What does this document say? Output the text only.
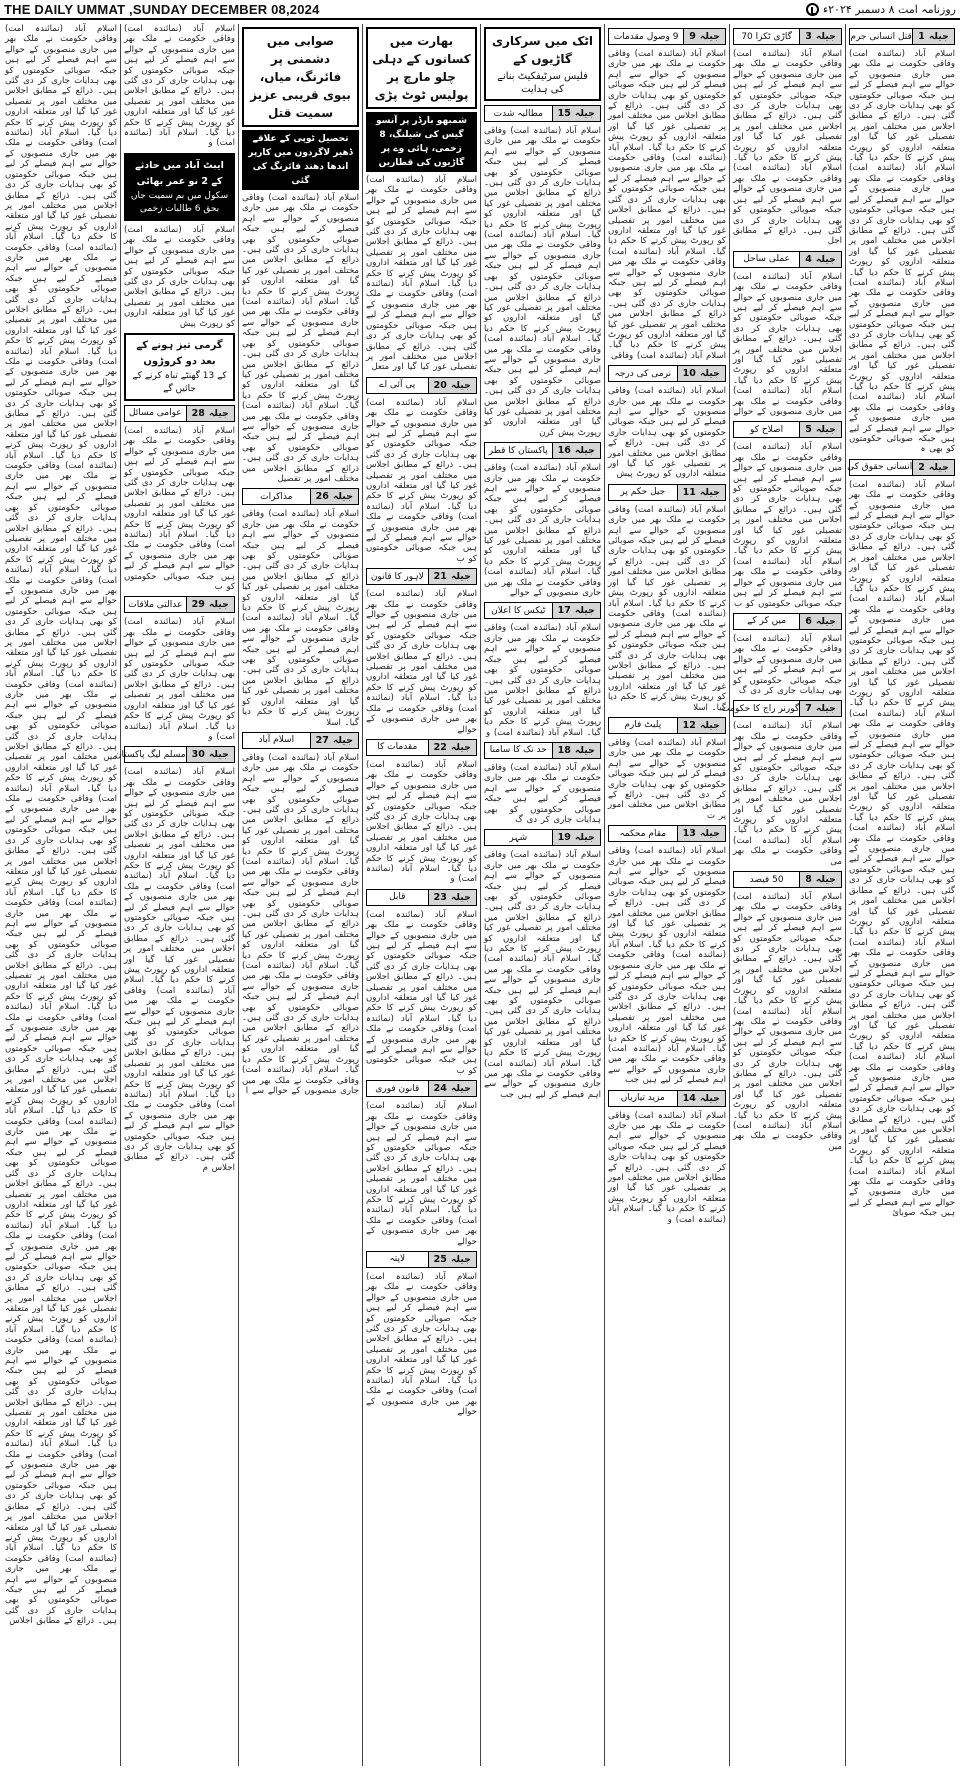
THE DAILY UMMAT ,SUNDAY DECEMBER 08,2024	روزنامہ امت ۸ دسمبر ۲۰۲۴ء
جیلہ
1
قتل انسانی جرم
اسلام آباد (نمائندہ امت) وفاقی حکومت نے ملک بھر میں جاری منصوبوں کے حوالے سے اہم فیصلے کر لیے ہیں جبکہ صوبائی حکومتوں کو بھی ہدایات جاری کر دی گئی ہیں۔ ذرائع کے مطابق اجلاس میں مختلف امور پر تفصیلی غور کیا گیا اور متعلقہ اداروں کو رپورٹ پیش کرنے کا حکم دیا گیا۔ اسلام آباد (نمائندہ امت) وفاقی حکومت نے ملک بھر میں جاری منصوبوں کے حوالے سے اہم فیصلے کر لیے ہیں جبکہ صوبائی حکومتوں کو بھی ہدایات جاری کر دی گئی ہیں۔ ذرائع کے مطابق اجلاس میں مختلف امور پر تفصیلی غور کیا گیا اور متعلقہ اداروں کو رپورٹ پیش کرنے کا حکم دیا گیا۔ اسلام آباد (نمائندہ امت) وفاقی حکومت نے ملک بھر میں جاری منصوبوں کے حوالے سے اہم فیصلے کر لیے ہیں جبکہ صوبائی حکومتوں کو بھی ہدایات جاری کر دی گئی ہیں۔ ذرائع کے مطابق اجلاس میں مختلف امور پر تفصیلی غور کیا گیا اور متعلقہ اداروں کو رپورٹ پیش کرنے کا حکم دیا گیا۔ اسلام آباد (نمائندہ امت) وفاقی حکومت نے ملک بھر میں جاری منصوبوں کے حوالے سے اہم فیصلے کر لیے ہیں جبکہ صوبائی حکومتوں کو بھی ہ
جیلہ
2
انسانی حقوق کی
اسلام آباد (نمائندہ امت) وفاقی حکومت نے ملک بھر میں جاری منصوبوں کے حوالے سے اہم فیصلے کر لیے ہیں جبکہ صوبائی حکومتوں کو بھی ہدایات جاری کر دی گئی ہیں۔ ذرائع کے مطابق اجلاس میں مختلف امور پر تفصیلی غور کیا گیا اور متعلقہ اداروں کو رپورٹ پیش کرنے کا حکم دیا گیا۔ اسلام آباد (نمائندہ امت) وفاقی حکومت نے ملک بھر میں جاری منصوبوں کے حوالے سے اہم فیصلے کر لیے ہیں جبکہ صوبائی حکومتوں کو بھی ہدایات جاری کر دی گئی ہیں۔ ذرائع کے مطابق اجلاس میں مختلف امور پر تفصیلی غور کیا گیا اور متعلقہ اداروں کو رپورٹ پیش کرنے کا حکم دیا گیا۔ اسلام آباد (نمائندہ امت) وفاقی حکومت نے ملک بھر میں جاری منصوبوں کے حوالے سے اہم فیصلے کر لیے ہیں جبکہ صوبائی حکومتوں کو بھی ہدایات جاری کر دی گئی ہیں۔ ذرائع کے مطابق اجلاس میں مختلف امور پر تفصیلی غور کیا گیا اور متعلقہ اداروں کو رپورٹ پیش کرنے کا حکم دیا گیا۔ اسلام آباد (نمائندہ امت) وفاقی حکومت نے ملک بھر میں جاری منصوبوں کے حوالے سے اہم فیصلے کر لیے ہیں جبکہ صوبائی حکومتوں کو بھی ہدایات جاری کر دی گئی ہیں۔ ذرائع کے مطابق اجلاس میں مختلف امور پر تفصیلی غور کیا گیا اور متعلقہ اداروں کو رپورٹ پیش کرنے کا حکم دیا گیا۔ اسلام آباد (نمائندہ امت) وفاقی حکومت نے ملک بھر میں جاری منصوبوں کے حوالے سے اہم فیصلے کر لیے ہیں جبکہ صوبائی حکومتوں کو بھی ہدایات جاری کر دی گئی ہیں۔ ذرائع کے مطابق اجلاس میں مختلف امور پر تفصیلی غور کیا گیا اور متعلقہ اداروں کو رپورٹ پیش کرنے کا حکم دیا گیا۔ اسلام آباد (نمائندہ امت) وفاقی حکومت نے ملک بھر میں جاری منصوبوں کے حوالے سے اہم فیصلے کر لیے ہیں جبکہ صوبائی حکومتوں کو بھی ہدایات جاری کر دی گئی ہیں۔ ذرائع کے مطابق اجلاس میں مختلف امور پر تفصیلی غور کیا گیا اور متعلقہ اداروں کو رپورٹ پیش کرنے کا حکم دیا گیا۔ اسلام آباد (نمائندہ امت) وفاقی حکومت نے ملک بھر میں جاری منصوبوں کے حوالے سے اہم فیصلے کر لیے ہیں جبکہ صوبائ
جیلہ
3
گاڑی ٹکرا 70
اسلام آباد (نمائندہ امت) وفاقی حکومت نے ملک بھر میں جاری منصوبوں کے حوالے سے اہم فیصلے کر لیے ہیں جبکہ صوبائی حکومتوں کو بھی ہدایات جاری کر دی گئی ہیں۔ ذرائع کے مطابق اجلاس میں مختلف امور پر تفصیلی غور کیا گیا اور متعلقہ اداروں کو رپورٹ پیش کرنے کا حکم دیا گیا۔ اسلام آباد (نمائندہ امت) وفاقی حکومت نے ملک بھر میں جاری منصوبوں کے حوالے سے اہم فیصلے کر لیے ہیں جبکہ صوبائی حکومتوں کو بھی ہدایات جاری کر دی گئی ہیں۔ ذرائع کے مطابق اجل
جیلہ
4
عملی ساحل
اسلام آباد (نمائندہ امت) وفاقی حکومت نے ملک بھر میں جاری منصوبوں کے حوالے سے اہم فیصلے کر لیے ہیں جبکہ صوبائی حکومتوں کو بھی ہدایات جاری کر دی گئی ہیں۔ ذرائع کے مطابق اجلاس میں مختلف امور پر تفصیلی غور کیا گیا اور متعلقہ اداروں کو رپورٹ پیش کرنے کا حکم دیا گیا۔ اسلام آباد (نمائندہ امت) وفاقی حکومت نے ملک بھر میں جاری منصوبوں کے حوالے
جیلہ
5
اصلاح کو
اسلام آباد (نمائندہ امت) وفاقی حکومت نے ملک بھر میں جاری منصوبوں کے حوالے سے اہم فیصلے کر لیے ہیں جبکہ صوبائی حکومتوں کو بھی ہدایات جاری کر دی گئی ہیں۔ ذرائع کے مطابق اجلاس میں مختلف امور پر تفصیلی غور کیا گیا اور متعلقہ اداروں کو رپورٹ پیش کرنے کا حکم دیا گیا۔ اسلام آباد (نمائندہ امت) وفاقی حکومت نے ملک بھر میں جاری منصوبوں کے حوالے سے اہم فیصلے کر لیے ہیں جبکہ صوبائی حکومتوں کو ب
جیلہ
6
میں کر کے
اسلام آباد (نمائندہ امت) وفاقی حکومت نے ملک بھر میں جاری منصوبوں کے حوالے سے اہم فیصلے کر لیے ہیں جبکہ صوبائی حکومتوں کو بھی ہدایات جاری کر دی گ
جیلہ
7
گورنر راج کا حکومت
اسلام آباد (نمائندہ امت) وفاقی حکومت نے ملک بھر میں جاری منصوبوں کے حوالے سے اہم فیصلے کر لیے ہیں جبکہ صوبائی حکومتوں کو بھی ہدایات جاری کر دی گئی ہیں۔ ذرائع کے مطابق اجلاس میں مختلف امور پر تفصیلی غور کیا گیا اور متعلقہ اداروں کو رپورٹ پیش کرنے کا حکم دیا گیا۔ اسلام آباد (نمائندہ امت) وفاقی حکومت نے ملک بھر می
جیلہ
8
50 فیصد
اسلام آباد (نمائندہ امت) وفاقی حکومت نے ملک بھر میں جاری منصوبوں کے حوالے سے اہم فیصلے کر لیے ہیں جبکہ صوبائی حکومتوں کو بھی ہدایات جاری کر دی گئی ہیں۔ ذرائع کے مطابق اجلاس میں مختلف امور پر تفصیلی غور کیا گیا اور متعلقہ اداروں کو رپورٹ پیش کرنے کا حکم دیا گیا۔ اسلام آباد (نمائندہ امت) وفاقی حکومت نے ملک بھر میں جاری منصوبوں کے حوالے سے اہم فیصلے کر لیے ہیں جبکہ صوبائی حکومتوں کو بھی ہدایات جاری کر دی گئی ہیں۔ ذرائع کے مطابق اجلاس میں مختلف امور پر تفصیلی غور کیا گیا اور متعلقہ اداروں کو رپورٹ پیش کرنے کا حکم دیا گیا۔ اسلام آباد (نمائندہ امت) وفاقی حکومت نے ملک بھر میں
جیلہ
9
9 وصول مقدمات
اسلام آباد (نمائندہ امت) وفاقی حکومت نے ملک بھر میں جاری منصوبوں کے حوالے سے اہم فیصلے کر لیے ہیں جبکہ صوبائی حکومتوں کو بھی ہدایات جاری کر دی گئی ہیں۔ ذرائع کے مطابق اجلاس میں مختلف امور پر تفصیلی غور کیا گیا اور متعلقہ اداروں کو رپورٹ پیش کرنے کا حکم دیا گیا۔ اسلام آباد (نمائندہ امت) وفاقی حکومت نے ملک بھر میں جاری منصوبوں کے حوالے سے اہم فیصلے کر لیے ہیں جبکہ صوبائی حکومتوں کو بھی ہدایات جاری کر دی گئی ہیں۔ ذرائع کے مطابق اجلاس میں مختلف امور پر تفصیلی غور کیا گیا اور متعلقہ اداروں کو رپورٹ پیش کرنے کا حکم دیا گیا۔ اسلام آباد (نمائندہ امت) وفاقی حکومت نے ملک بھر میں جاری منصوبوں کے حوالے سے اہم فیصلے کر لیے ہیں جبکہ صوبائی حکومتوں کو بھی ہدایات جاری کر دی گئی ہیں۔ ذرائع کے مطابق اجلاس میں مختلف امور پر تفصیلی غور کیا گیا اور متعلقہ اداروں کو رپورٹ پیش کرنے کا حکم دیا گیا۔ اسلام آباد (نمائندہ امت) وفاقی
جیلہ
10
نرمی کی درجہ
اسلام آباد (نمائندہ امت) وفاقی حکومت نے ملک بھر میں جاری منصوبوں کے حوالے سے اہم فیصلے کر لیے ہیں جبکہ صوبائی حکومتوں کو بھی ہدایات جاری کر دی گئی ہیں۔ ذرائع کے مطابق اجلاس میں مختلف امور پر تفصیلی غور کیا گیا اور متعلقہ اداروں کو رپورٹ پیش
جیلہ
11
جیل حکم پر
اسلام آباد (نمائندہ امت) وفاقی حکومت نے ملک بھر میں جاری منصوبوں کے حوالے سے اہم فیصلے کر لیے ہیں جبکہ صوبائی حکومتوں کو بھی ہدایات جاری کر دی گئی ہیں۔ ذرائع کے مطابق اجلاس میں مختلف امور پر تفصیلی غور کیا گیا اور متعلقہ اداروں کو رپورٹ پیش کرنے کا حکم دیا گیا۔ اسلام آباد (نمائندہ امت) وفاقی حکومت نے ملک بھر میں جاری منصوبوں کے حوالے سے اہم فیصلے کر لیے ہیں جبکہ صوبائی حکومتوں کو بھی ہدایات جاری کر دی گئی ہیں۔ ذرائع کے مطابق اجلاس میں مختلف امور پر تفصیلی غور کیا گیا اور متعلقہ اداروں کو رپورٹ پیش کرنے کا حکم دیا گیا۔ اسلا
جیلہ
12
پلیٹ فارم
اسلام آباد (نمائندہ امت) وفاقی حکومت نے ملک بھر میں جاری منصوبوں کے حوالے سے اہم فیصلے کر لیے ہیں جبکہ صوبائی حکومتوں کو بھی ہدایات جاری کر دی گئی ہیں۔ ذرائع کے مطابق اجلاس میں مختلف امور پر ت
جیلہ
13
مقام محکمہ
اسلام آباد (نمائندہ امت) وفاقی حکومت نے ملک بھر میں جاری منصوبوں کے حوالے سے اہم فیصلے کر لیے ہیں جبکہ صوبائی حکومتوں کو بھی ہدایات جاری کر دی گئی ہیں۔ ذرائع کے مطابق اجلاس میں مختلف امور پر تفصیلی غور کیا گیا اور متعلقہ اداروں کو رپورٹ پیش کرنے کا حکم دیا گیا۔ اسلام آباد (نمائندہ امت) وفاقی حکومت نے ملک بھر میں جاری منصوبوں کے حوالے سے اہم فیصلے کر لیے ہیں جبکہ صوبائی حکومتوں کو بھی ہدایات جاری کر دی گئی ہیں۔ ذرائع کے مطابق اجلاس میں مختلف امور پر تفصیلی غور کیا گیا اور متعلقہ اداروں کو رپورٹ پیش کرنے کا حکم دیا گیا۔ اسلام آباد (نمائندہ امت) وفاقی حکومت نے ملک بھر میں جاری منصوبوں کے حوالے سے اہم فیصلے کر لیے ہیں جب
جیلہ
14
مزید تیاریاں
اسلام آباد (نمائندہ امت) وفاقی حکومت نے ملک بھر میں جاری منصوبوں کے حوالے سے اہم فیصلے کر لیے ہیں جبکہ صوبائی حکومتوں کو بھی ہدایات جاری کر دی گئی ہیں۔ ذرائع کے مطابق اجلاس میں مختلف امور پر تفصیلی غور کیا گیا اور متعلقہ اداروں کو رپورٹ پیش کرنے کا حکم دیا گیا۔ اسلام آباد (نمائندہ امت) و
اٹک میں سرکاری گاڑیوں کے
فلیس سرٹیفکیٹ بنانے کی ہدایت
جیلہ
15
مطالبہ شدت
اسلام آباد (نمائندہ امت) وفاقی حکومت نے ملک بھر میں جاری منصوبوں کے حوالے سے اہم فیصلے کر لیے ہیں جبکہ صوبائی حکومتوں کو بھی ہدایات جاری کر دی گئی ہیں۔ ذرائع کے مطابق اجلاس میں مختلف امور پر تفصیلی غور کیا گیا اور متعلقہ اداروں کو رپورٹ پیش کرنے کا حکم دیا گیا۔ اسلام آباد (نمائندہ امت) وفاقی حکومت نے ملک بھر میں جاری منصوبوں کے حوالے سے اہم فیصلے کر لیے ہیں جبکہ صوبائی حکومتوں کو بھی ہدایات جاری کر دی گئی ہیں۔ ذرائع کے مطابق اجلاس میں مختلف امور پر تفصیلی غور کیا گیا اور متعلقہ اداروں کو رپورٹ پیش کرنے کا حکم دیا گیا۔ اسلام آباد (نمائندہ امت) وفاقی حکومت نے ملک بھر میں جاری منصوبوں کے حوالے سے اہم فیصلے کر لیے ہیں جبکہ صوبائی حکومتوں کو بھی ہدایات جاری کر دی گئی ہیں۔ ذرائع کے مطابق اجلاس میں مختلف امور پر تفصیلی غور کیا گیا اور متعلقہ اداروں کو رپورٹ پیش کرن
جیلہ
16
پاکستان کا قطر
اسلام آباد (نمائندہ امت) وفاقی حکومت نے ملک بھر میں جاری منصوبوں کے حوالے سے اہم فیصلے کر لیے ہیں جبکہ صوبائی حکومتوں کو بھی ہدایات جاری کر دی گئی ہیں۔ ذرائع کے مطابق اجلاس میں مختلف امور پر تفصیلی غور کیا گیا اور متعلقہ اداروں کو رپورٹ پیش کرنے کا حکم دیا گیا۔ اسلام آباد (نمائندہ امت) وفاقی حکومت نے ملک بھر میں جاری منصوبوں کے حوالے
جیلہ
17
ٹیکس کا اعلان
اسلام آباد (نمائندہ امت) وفاقی حکومت نے ملک بھر میں جاری منصوبوں کے حوالے سے اہم فیصلے کر لیے ہیں جبکہ صوبائی حکومتوں کو بھی ہدایات جاری کر دی گئی ہیں۔ ذرائع کے مطابق اجلاس میں مختلف امور پر تفصیلی غور کیا گیا اور متعلقہ اداروں کو رپورٹ پیش کرنے کا حکم دیا گیا۔ اسلام آباد (نمائندہ امت) و
جیلہ
18
حد تک کا سامنا
اسلام آباد (نمائندہ امت) وفاقی حکومت نے ملک بھر میں جاری منصوبوں کے حوالے سے اہم فیصلے کر لیے ہیں جبکہ صوبائی حکومتوں کو بھی ہدایات جاری کر دی گ
جیلہ
19
شہر
اسلام آباد (نمائندہ امت) وفاقی حکومت نے ملک بھر میں جاری منصوبوں کے حوالے سے اہم فیصلے کر لیے ہیں جبکہ صوبائی حکومتوں کو بھی ہدایات جاری کر دی گئی ہیں۔ ذرائع کے مطابق اجلاس میں مختلف امور پر تفصیلی غور کیا گیا اور متعلقہ اداروں کو رپورٹ پیش کرنے کا حکم دیا گیا۔ اسلام آباد (نمائندہ امت) وفاقی حکومت نے ملک بھر میں جاری منصوبوں کے حوالے سے اہم فیصلے کر لیے ہیں جبکہ صوبائی حکومتوں کو بھی ہدایات جاری کر دی گئی ہیں۔ ذرائع کے مطابق اجلاس میں مختلف امور پر تفصیلی غور کیا گیا اور متعلقہ اداروں کو رپورٹ پیش کرنے کا حکم دیا گیا۔ اسلام آباد (نمائندہ امت) وفاقی حکومت نے ملک بھر میں جاری منصوبوں کے حوالے سے اہم فیصلے کر لیے ہیں جب
بھارت میں کسانوں کے دہلی چلو مارچ پر پولیس ٹوٹ پڑی
شمبھو بارڈر پر آنسو گیس کی شیلنگ، 8 زخمی، ہائی وے پر گاڑیوں کی قطاریں
اسلام آباد (نمائندہ امت) وفاقی حکومت نے ملک بھر میں جاری منصوبوں کے حوالے سے اہم فیصلے کر لیے ہیں جبکہ صوبائی حکومتوں کو بھی ہدایات جاری کر دی گئی ہیں۔ ذرائع کے مطابق اجلاس میں مختلف امور پر تفصیلی غور کیا گیا اور متعلقہ اداروں کو رپورٹ پیش کرنے کا حکم دیا گیا۔ اسلام آباد (نمائندہ امت) وفاقی حکومت نے ملک بھر میں جاری منصوبوں کے حوالے سے اہم فیصلے کر لیے ہیں جبکہ صوبائی حکومتوں کو بھی ہدایات جاری کر دی گئی ہیں۔ ذرائع کے مطابق اجلاس میں مختلف امور پر تفصیلی غور کیا گیا اور متعل
جیلہ
20
پی آئی اے
اسلام آباد (نمائندہ امت) وفاقی حکومت نے ملک بھر میں جاری منصوبوں کے حوالے سے اہم فیصلے کر لیے ہیں جبکہ صوبائی حکومتوں کو بھی ہدایات جاری کر دی گئی ہیں۔ ذرائع کے مطابق اجلاس میں مختلف امور پر تفصیلی غور کیا گیا اور متعلقہ اداروں کو رپورٹ پیش کرنے کا حکم دیا گیا۔ اسلام آباد (نمائندہ امت) وفاقی حکومت نے ملک بھر میں جاری منصوبوں کے حوالے سے اہم فیصلے کر لیے ہیں جبکہ صوبائی حکومتوں کو ب
جیلہ
21
لاہور کا قانون
اسلام آباد (نمائندہ امت) وفاقی حکومت نے ملک بھر میں جاری منصوبوں کے حوالے سے اہم فیصلے کر لیے ہیں جبکہ صوبائی حکومتوں کو بھی ہدایات جاری کر دی گئی ہیں۔ ذرائع کے مطابق اجلاس میں مختلف امور پر تفصیلی غور کیا گیا اور متعلقہ اداروں کو رپورٹ پیش کرنے کا حکم دیا گیا۔ اسلام آباد (نمائندہ امت) وفاقی حکومت نے ملک بھر میں جاری منصوبوں کے حوالے
جیلہ
22
مقدمات کا
اسلام آباد (نمائندہ امت) وفاقی حکومت نے ملک بھر میں جاری منصوبوں کے حوالے سے اہم فیصلے کر لیے ہیں جبکہ صوبائی حکومتوں کو بھی ہدایات جاری کر دی گئی ہیں۔ ذرائع کے مطابق اجلاس میں مختلف امور پر تفصیلی غور کیا گیا اور متعلقہ اداروں کو رپورٹ پیش کرنے کا حکم دیا گیا۔ اسلام آباد (نمائندہ امت) و
جیلہ
23
قابل
اسلام آباد (نمائندہ امت) وفاقی حکومت نے ملک بھر میں جاری منصوبوں کے حوالے سے اہم فیصلے کر لیے ہیں جبکہ صوبائی حکومتوں کو بھی ہدایات جاری کر دی گئی ہیں۔ ذرائع کے مطابق اجلاس میں مختلف امور پر تفصیلی غور کیا گیا اور متعلقہ اداروں کو رپورٹ پیش کرنے کا حکم دیا گیا۔ اسلام آباد (نمائندہ امت) وفاقی حکومت نے ملک بھر میں جاری منصوبوں کے حوالے سے اہم فیصلے کر لیے ہیں جبکہ صوبائی حکومتوں کو ب
جیلہ
24
قانون فوری
اسلام آباد (نمائندہ امت) وفاقی حکومت نے ملک بھر میں جاری منصوبوں کے حوالے سے اہم فیصلے کر لیے ہیں جبکہ صوبائی حکومتوں کو بھی ہدایات جاری کر دی گئی ہیں۔ ذرائع کے مطابق اجلاس میں مختلف امور پر تفصیلی غور کیا گیا اور متعلقہ اداروں کو رپورٹ پیش کرنے کا حکم دیا گیا۔ اسلام آباد (نمائندہ امت) وفاقی حکومت نے ملک بھر میں جاری منصوبوں کے حوالے
جیلہ
25
لاپتہ
اسلام آباد (نمائندہ امت) وفاقی حکومت نے ملک بھر میں جاری منصوبوں کے حوالے سے اہم فیصلے کر لیے ہیں جبکہ صوبائی حکومتوں کو بھی ہدایات جاری کر دی گئی ہیں۔ ذرائع کے مطابق اجلاس میں مختلف امور پر تفصیلی غور کیا گیا اور متعلقہ اداروں کو رپورٹ پیش کرنے کا حکم دیا گیا۔ اسلام آباد (نمائندہ امت) وفاقی حکومت نے ملک بھر میں جاری منصوبوں کے حوالے
صوابی میں دشمنی پر فائرنگ، میاں، بیوی قریبی عزیز سمیت قتل
تحصیل ٹوپی کے علاقے ڈھیر لاگردون میں کارپر اندھا دھند فائرنگ کی گئی
اسلام آباد (نمائندہ امت) وفاقی حکومت نے ملک بھر میں جاری منصوبوں کے حوالے سے اہم فیصلے کر لیے ہیں جبکہ صوبائی حکومتوں کو بھی ہدایات جاری کر دی گئی ہیں۔ ذرائع کے مطابق اجلاس میں مختلف امور پر تفصیلی غور کیا گیا اور متعلقہ اداروں کو رپورٹ پیش کرنے کا حکم دیا گیا۔ اسلام آباد (نمائندہ امت) وفاقی حکومت نے ملک بھر میں جاری منصوبوں کے حوالے سے اہم فیصلے کر لیے ہیں جبکہ صوبائی حکومتوں کو بھی ہدایات جاری کر دی گئی ہیں۔ ذرائع کے مطابق اجلاس میں مختلف امور پر تفصیلی غور کیا گیا اور متعلقہ اداروں کو رپورٹ پیش کرنے کا حکم دیا گیا۔ اسلام آباد (نمائندہ امت) وفاقی حکومت نے ملک بھر میں جاری منصوبوں کے حوالے سے اہم فیصلے کر لیے ہیں جبکہ صوبائی حکومتوں کو بھی ہدایات جاری کر دی گئی ہیں۔ ذرائع کے مطابق اجلاس میں مختلف امور پر تفصیل
جیلہ
26
مذاکرات
اسلام آباد (نمائندہ امت) وفاقی حکومت نے ملک بھر میں جاری منصوبوں کے حوالے سے اہم فیصلے کر لیے ہیں جبکہ صوبائی حکومتوں کو بھی ہدایات جاری کر دی گئی ہیں۔ ذرائع کے مطابق اجلاس میں مختلف امور پر تفصیلی غور کیا گیا اور متعلقہ اداروں کو رپورٹ پیش کرنے کا حکم دیا گیا۔ اسلام آباد (نمائندہ امت) وفاقی حکومت نے ملک بھر میں جاری منصوبوں کے حوالے سے اہم فیصلے کر لیے ہیں جبکہ صوبائی حکومتوں کو بھی ہدایات جاری کر دی گئی ہیں۔ ذرائع کے مطابق اجلاس میں مختلف امور پر تفصیلی غور کیا گیا اور متعلقہ اداروں کو رپورٹ پیش کرنے کا حکم دیا گیا۔ اسلا
جیلہ
27
اسلام آباد
اسلام آباد (نمائندہ امت) وفاقی حکومت نے ملک بھر میں جاری منصوبوں کے حوالے سے اہم فیصلے کر لیے ہیں جبکہ صوبائی حکومتوں کو بھی ہدایات جاری کر دی گئی ہیں۔ ذرائع کے مطابق اجلاس میں مختلف امور پر تفصیلی غور کیا گیا اور متعلقہ اداروں کو رپورٹ پیش کرنے کا حکم دیا گیا۔ اسلام آباد (نمائندہ امت) وفاقی حکومت نے ملک بھر میں جاری منصوبوں کے حوالے سے اہم فیصلے کر لیے ہیں جبکہ صوبائی حکومتوں کو بھی ہدایات جاری کر دی گئی ہیں۔ ذرائع کے مطابق اجلاس میں مختلف امور پر تفصیلی غور کیا گیا اور متعلقہ اداروں کو رپورٹ پیش کرنے کا حکم دیا گیا۔ اسلام آباد (نمائندہ امت) وفاقی حکومت نے ملک بھر میں جاری منصوبوں کے حوالے سے اہم فیصلے کر لیے ہیں جبکہ صوبائی حکومتوں کو بھی ہدایات جاری کر دی گئی ہیں۔ ذرائع کے مطابق اجلاس میں مختلف امور پر تفصیلی غور کیا گیا اور متعلقہ اداروں کو رپورٹ پیش کرنے کا حکم دیا گیا۔ اسلام آباد (نمائندہ امت) وفاقی حکومت نے ملک بھر میں جاری منصوبوں کے حوالے سے ا
اسلام آباد (نمائندہ امت) وفاقی حکومت نے ملک بھر میں جاری منصوبوں کے حوالے سے اہم فیصلے کر لیے ہیں جبکہ صوبائی حکومتوں کو بھی ہدایات جاری کر دی گئی ہیں۔ ذرائع کے مطابق اجلاس میں مختلف امور پر تفصیلی غور کیا گیا اور متعلقہ اداروں کو رپورٹ پیش کرنے کا حکم دیا گیا۔ اسلام آباد (نمائندہ امت) و
ایبٹ آباد میں حادثے کے 2 نو عمر بھائی
سکول میں بم سمیت جاں بحق 6 طالبات زخمی
اسلام آباد (نمائندہ امت) وفاقی حکومت نے ملک بھر میں جاری منصوبوں کے حوالے سے اہم فیصلے کر لیے ہیں جبکہ صوبائی حکومتوں کو بھی ہدایات جاری کر دی گئی ہیں۔ ذرائع کے مطابق اجلاس میں مختلف امور پر تفصیلی غور کیا گیا اور متعلقہ اداروں کو رپورٹ پیش
گرمی تیز ہونے کے بعد دو کروڑوں
کے 13 گھنٹے تباہ کرنے کے جائیں گے
جیلہ
28
عوامی مسائل
اسلام آباد (نمائندہ امت) وفاقی حکومت نے ملک بھر میں جاری منصوبوں کے حوالے سے اہم فیصلے کر لیے ہیں جبکہ صوبائی حکومتوں کو بھی ہدایات جاری کر دی گئی ہیں۔ ذرائع کے مطابق اجلاس میں مختلف امور پر تفصیلی غور کیا گیا اور متعلقہ اداروں کو رپورٹ پیش کرنے کا حکم دیا گیا۔ اسلام آباد (نمائندہ امت) وفاقی حکومت نے ملک بھر میں جاری منصوبوں کے حوالے سے اہم فیصلے کر لیے ہیں جبکہ صوبائی حکومتوں کو ب
جیلہ
29
عدالتی ملاقات
اسلام آباد (نمائندہ امت) وفاقی حکومت نے ملک بھر میں جاری منصوبوں کے حوالے سے اہم فیصلے کر لیے ہیں جبکہ صوبائی حکومتوں کو بھی ہدایات جاری کر دی گئی ہیں۔ ذرائع کے مطابق اجلاس میں مختلف امور پر تفصیلی غور کیا گیا اور متعلقہ اداروں کو رپورٹ پیش کرنے کا حکم دیا گیا۔ اسلام آباد (نمائندہ امت) و
جیلہ
30
مسلم لیگ پاکستان
اسلام آباد (نمائندہ امت) وفاقی حکومت نے ملک بھر میں جاری منصوبوں کے حوالے سے اہم فیصلے کر لیے ہیں جبکہ صوبائی حکومتوں کو بھی ہدایات جاری کر دی گئی ہیں۔ ذرائع کے مطابق اجلاس میں مختلف امور پر تفصیلی غور کیا گیا اور متعلقہ اداروں کو رپورٹ پیش کرنے کا حکم دیا گیا۔ اسلام آباد (نمائندہ امت) وفاقی حکومت نے ملک بھر میں جاری منصوبوں کے حوالے سے اہم فیصلے کر لیے ہیں جبکہ صوبائی حکومتوں کو بھی ہدایات جاری کر دی گئی ہیں۔ ذرائع کے مطابق اجلاس میں مختلف امور پر تفصیلی غور کیا گیا اور متعلقہ اداروں کو رپورٹ پیش کرنے کا حکم دیا گیا۔ اسلام آباد (نمائندہ امت) وفاقی حکومت نے ملک بھر میں جاری منصوبوں کے حوالے سے اہم فیصلے کر لیے ہیں جبکہ صوبائی حکومتوں کو بھی ہدایات جاری کر دی گئی ہیں۔ ذرائع کے مطابق اجلاس میں مختلف امور پر تفصیلی غور کیا گیا اور متعلقہ اداروں کو رپورٹ پیش کرنے کا حکم دیا گیا۔ اسلام آباد (نمائندہ امت) وفاقی حکومت نے ملک بھر میں جاری منصوبوں کے حوالے سے اہم فیصلے کر لیے ہیں جبکہ صوبائی حکومتوں کو بھی ہدایات جاری کر دی گئی ہیں۔ ذرائع کے مطابق اجلاس م
اسلام آباد (نمائندہ امت) وفاقی حکومت نے ملک بھر میں جاری منصوبوں کے حوالے سے اہم فیصلے کر لیے ہیں جبکہ صوبائی حکومتوں کو بھی ہدایات جاری کر دی گئی ہیں۔ ذرائع کے مطابق اجلاس میں مختلف امور پر تفصیلی غور کیا گیا اور متعلقہ اداروں کو رپورٹ پیش کرنے کا حکم دیا گیا۔ اسلام آباد (نمائندہ امت) وفاقی حکومت نے ملک بھر میں جاری منصوبوں کے حوالے سے اہم فیصلے کر لیے ہیں جبکہ صوبائی حکومتوں کو بھی ہدایات جاری کر دی گئی ہیں۔ ذرائع کے مطابق اجلاس میں مختلف امور پر تفصیلی غور کیا گیا اور متعلقہ اداروں کو رپورٹ پیش کرنے کا حکم دیا گیا۔ اسلام آباد (نمائندہ امت) وفاقی حکومت نے ملک بھر میں جاری منصوبوں کے حوالے سے اہم فیصلے کر لیے ہیں جبکہ صوبائی حکومتوں کو بھی ہدایات جاری کر دی گئی ہیں۔ ذرائع کے مطابق اجلاس میں مختلف امور پر تفصیلی غور کیا گیا اور متعلقہ اداروں کو رپورٹ پیش کرنے کا حکم دیا گیا۔ اسلام آباد (نمائندہ امت) وفاقی حکومت نے ملک بھر میں جاری منصوبوں کے حوالے سے اہم فیصلے کر لیے ہیں جبکہ صوبائی حکومتوں کو بھی ہدایات جاری کر دی گئی ہیں۔ ذرائع کے مطابق اجلاس میں مختلف امور پر تفصیلی غور کیا گیا اور متعلقہ اداروں کو رپورٹ پیش کرنے کا حکم دیا گیا۔ اسلام آباد (نمائندہ امت) وفاقی حکومت نے ملک بھر میں جاری منصوبوں کے حوالے سے اہم فیصلے کر لیے ہیں جبکہ صوبائی حکومتوں کو بھی ہدایات جاری کر دی گئی ہیں۔ ذرائع کے مطابق اجلاس میں مختلف امور پر تفصیلی غور کیا گیا اور متعلقہ اداروں کو رپورٹ پیش کرنے کا حکم دیا گیا۔ اسلام آباد (نمائندہ امت) وفاقی حکومت نے ملک بھر میں جاری منصوبوں کے حوالے سے اہم فیصلے کر لیے ہیں جبکہ صوبائی حکومتوں کو بھی ہدایات جاری کر دی گئی ہیں۔ ذرائع کے مطابق اجلاس میں مختلف امور پر تفصیلی غور کیا گیا اور متعلقہ اداروں کو رپورٹ پیش کرنے کا حکم دیا گیا۔ اسلام آباد (نمائندہ امت) وفاقی حکومت نے ملک بھر میں جاری منصوبوں کے حوالے سے اہم فیصلے کر لیے ہیں جبکہ صوبائی حکومتوں کو بھی ہدایات جاری کر دی گئی ہیں۔ ذرائع کے مطابق اجلاس میں مختلف امور پر تفصیلی غور کیا گیا اور متعلقہ اداروں کو رپورٹ پیش کرنے کا حکم دیا گیا۔ اسلام آباد (نمائندہ امت) وفاقی حکومت نے ملک بھر میں جاری منصوبوں کے حوالے سے اہم فیصلے کر لیے ہیں جبکہ صوبائی حکومتوں کو بھی ہدایات جاری کر دی گئی ہیں۔ ذرائع کے مطابق اجلاس میں مختلف امور پر تفصیلی غور کیا گیا اور متعلقہ اداروں کو رپورٹ پیش کرنے کا حکم دیا گیا۔ اسلام آباد (نمائندہ امت) وفاقی حکومت نے ملک بھر میں جاری منصوبوں کے حوالے سے اہم فیصلے کر لیے ہیں جبکہ صوبائی حکومتوں کو بھی ہدایات جاری کر دی گئی ہیں۔ ذرائع کے مطابق اجلاس میں مختلف امور پر تفصیلی غور کیا گیا اور متعلقہ اداروں کو رپورٹ پیش کرنے کا حکم دیا گیا۔ اسلام آباد (نمائندہ امت) وفاقی حکومت نے ملک بھر میں جاری منصوبوں کے حوالے سے اہم فیصلے کر لیے ہیں جبکہ صوبائی حکومتوں کو بھی ہدایات جاری کر دی گئی ہیں۔ ذرائع کے مطابق اجلاس میں مختلف امور پر تفصیلی غور کیا گیا اور متعلقہ اداروں کو رپورٹ پیش کرنے کا حکم دیا گیا۔ اسلام آباد (نمائندہ امت) وفاقی حکومت نے ملک بھر میں جاری منصوبوں کے حوالے سے اہم فیصلے کر لیے ہیں جبکہ صوبائی حکومتوں کو بھی ہدایات جاری کر دی گئی ہیں۔ ذرائع کے مطابق اجلاس میں مختلف امور پر تفصیلی غور کیا گیا اور متعلقہ اداروں کو رپورٹ پیش کرنے کا حکم دیا گیا۔ اسلام آباد (نمائندہ امت) وفاقی حکومت نے ملک بھر میں جاری منصوبوں کے حوالے سے اہم فیصلے کر لیے ہیں جبکہ صوبائی حکومتوں کو بھی ہدایات جاری کر دی گئی ہیں۔ ذرائع کے مطابق اجلاس میں مختلف امور پر تفصیلی غور کیا گیا اور متعلقہ اداروں کو رپورٹ پیش کرنے کا حکم دیا گیا۔ اسلام آباد (نمائندہ امت) وفاقی حکومت نے ملک بھر میں جاری منصوبوں کے حوالے سے اہم فیصلے کر لیے ہیں جبکہ صوبائی حکومتوں کو بھی ہدایات جاری کر دی گئی ہیں۔ ذرائع کے مطابق اجلاس میں مختلف امور پر تفصیلی غور کیا گیا اور متعلقہ اداروں کو رپورٹ پیش کرنے کا حکم دیا گیا۔ اسلام آباد (نمائندہ امت) وفاقی حکومت نے ملک بھر میں جاری منصوبوں کے حوالے سے اہم فیصلے کر لیے ہیں جبکہ صوبائی حکومتوں کو بھی ہدایات جاری کر دی گئی ہیں۔ ذرائع کے مطابق اجلاس میں مختلف امور پر تفصیلی غور کیا گیا اور متعلقہ اداروں کو رپورٹ پیش کرنے کا حکم دیا گیا۔ اسلام آباد (نمائندہ امت) وفاقی حکومت نے ملک بھر میں جاری منصوبوں کے حوالے سے اہم فیصلے کر لیے ہیں جبکہ صوبائی حکومتوں کو بھی ہدایات جاری کر دی گئی ہیں۔ ذرائع کے مطابق اجلاس
